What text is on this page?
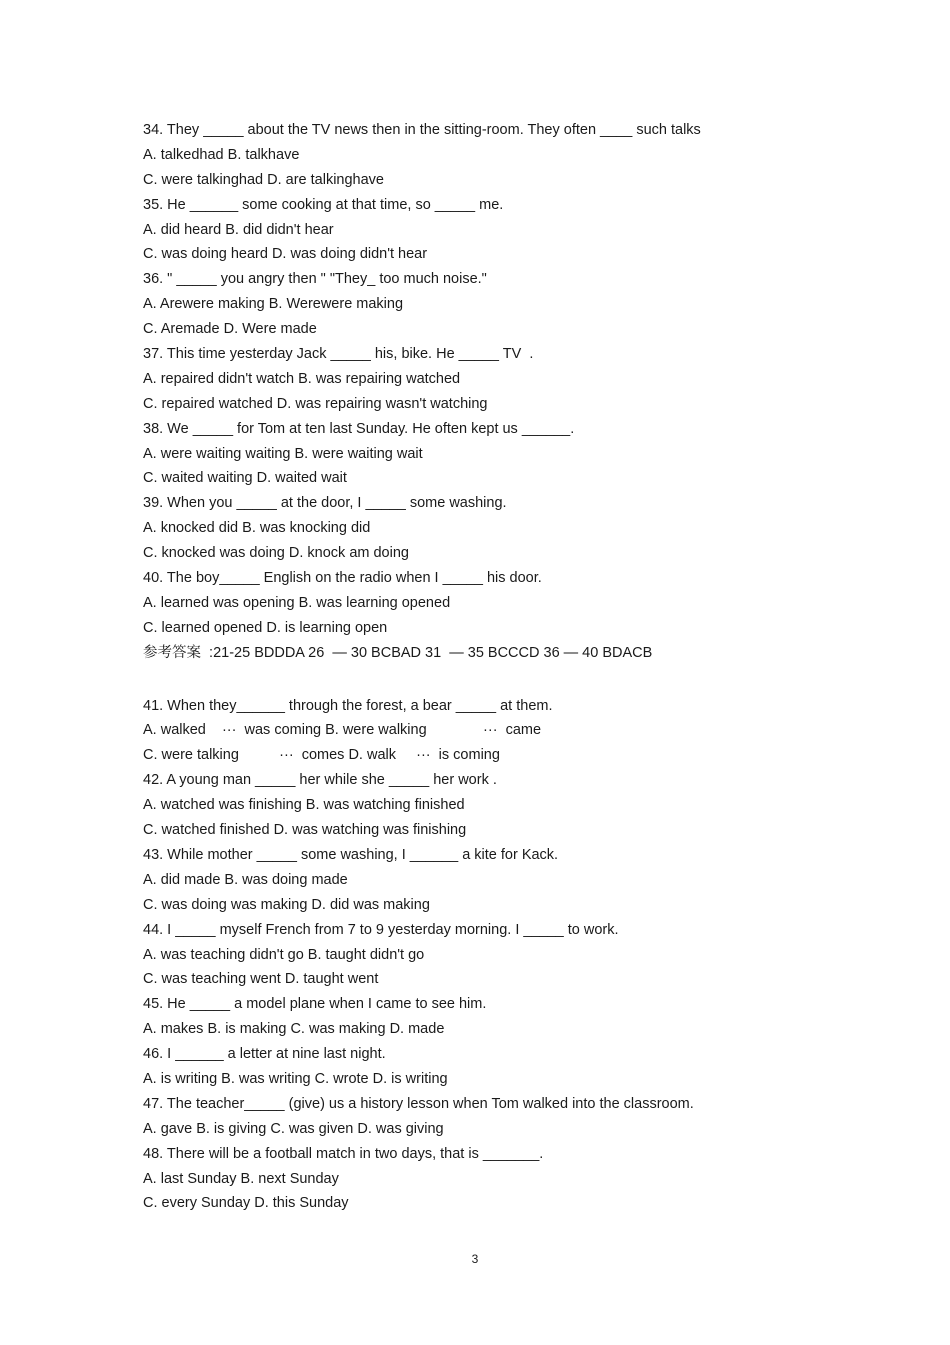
34. They _____ about the TV news then in the sitting-room. They often ____ such talks
A. talkedhad B. talkhave
C. were talkinghad D. are talkinghave
35. He ______ some cooking at that time, so _____ me.
A. did heard B. did didn't hear
C. was doing heard D. was doing didn't hear
36. " _____ you angry then " "They_ too much noise."
A. Arewere making B. Werewere making
C. Aremade D. Were made
37. This time yesterday Jack _____ his, bike. He _____ TV  .
A. repaired didn't watch B. was repairing watched
C. repaired watched D. was repairing wasn't watching
38. We _____ for Tom at ten last Sunday. He often kept us ______.
A. were waiting waiting B. were waiting wait
C. waited waiting D. waited wait
39. When you _____ at the door, I _____ some washing.
A. knocked did B. was knocking did
C. knocked was doing D. knock am doing
40. The boy_____ English on the radio when I _____ his door.
A. learned was opening B. was learning opened
C. learned opened D. is learning open
参考答案  :21-25 BDDDA 26  — 30 BCBAD 31  — 35 BCCCD 36 — 40 BDACB
41. When they______ through the forest, a bear _____ at them.
A. walked    ···  was coming B. were walking              ···  came
C. were talking          ···  comes D. walk     ···  is coming
42. A young man _____ her while she _____ her work .
A. watched was finishing B. was watching finished
C. watched finished D. was watching was finishing
43. While mother _____ some washing, I ______ a kite for Kack.
A. did made B. was doing made
C. was doing was making D. did was making
44. I _____ myself French from 7 to 9 yesterday morning. I _____ to work.
A. was teaching didn't go B. taught didn't go
C. was teaching went D. taught went
45. He _____ a model plane when I came to see him.
A. makes B. is making C. was making D. made
46. I ______ a letter at nine last night.
A. is writing B. was writing C. wrote D. is writing
47. The teacher_____ (give) us a history lesson when Tom walked into the classroom.
A. gave B. is giving C. was given D. was giving
48. There will be a football match in two days, that is _______.
A. last Sunday B. next Sunday
C. every Sunday D. this Sunday
3
